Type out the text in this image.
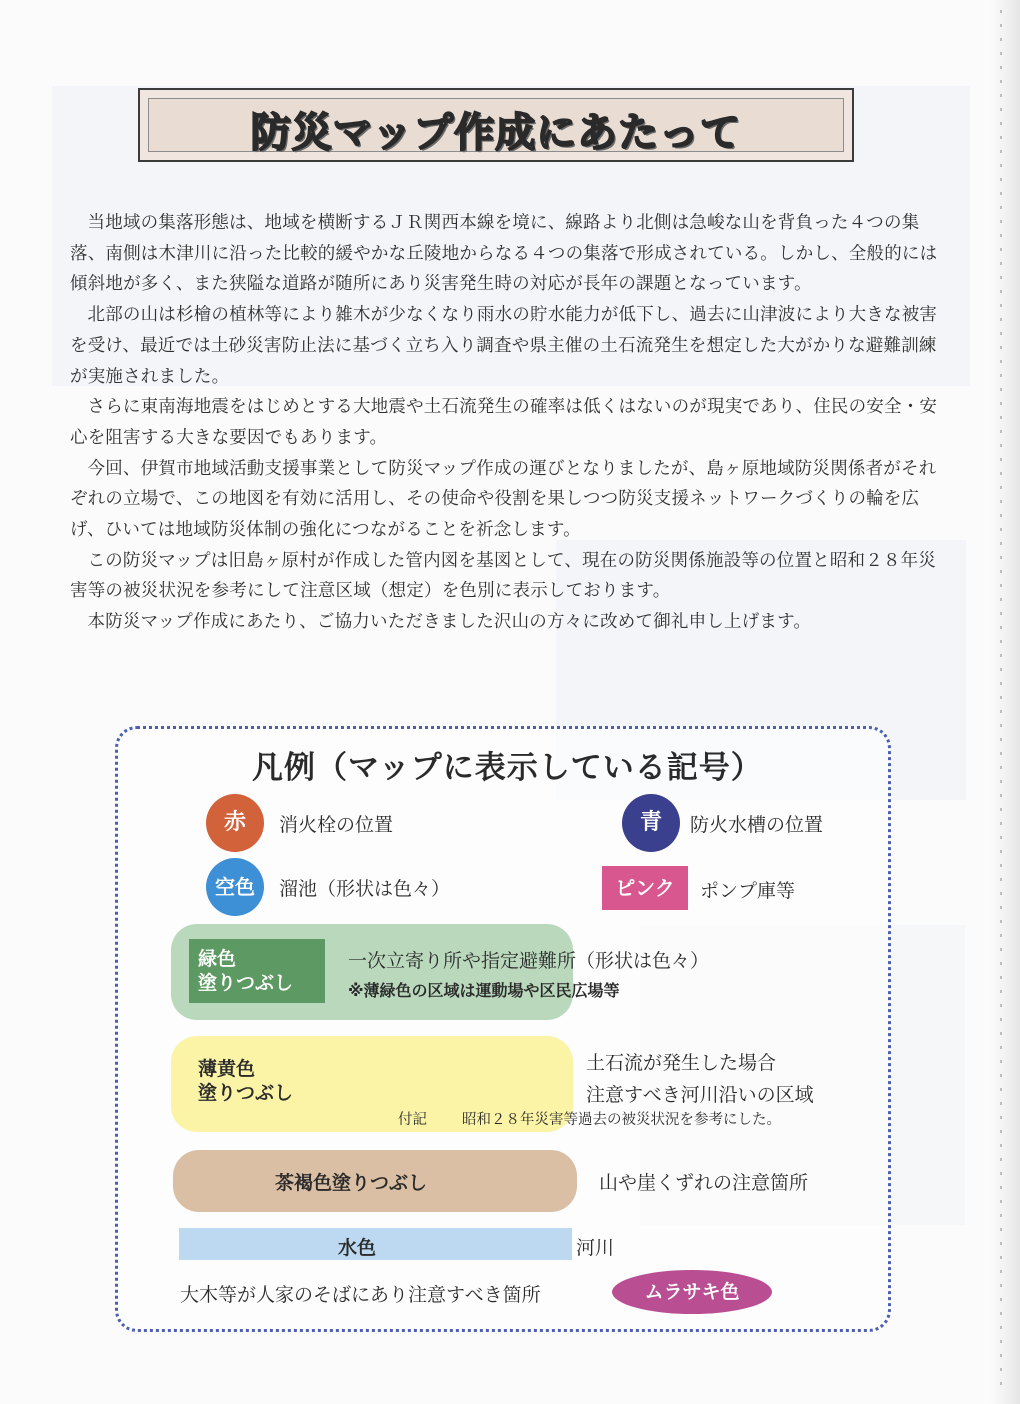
防災マップ作成にあたって

当地域の集落形態は、地域を横断するＪＲ関西本線を境に、線路より北側は急峻な山を背負った４つの集落、南側は木津川に沿った比較的緩やかな丘陵地からなる４つの集落で形成されている。しかし、全般的には傾斜地が多く、また狭隘な道路が随所にあり災害発生時の対応が長年の課題となっています。

北部の山は杉檜の植林等により雑木が少なくなり雨水の貯水能力が低下し、過去に山津波により大きな被害を受け、最近では土砂災害防止法に基づく立ち入り調査や県主催の土石流発生を想定した大がかりな避難訓練が実施されました。

さらに東南海地震をはじめとする大地震や土石流発生の確率は低くはないのが現実であり、住民の安全・安心を阻害する大きな要因でもあります。

今回、伊賀市地域活動支援事業として防災マップ作成の運びとなりましたが、島ヶ原地域防災関係者がそれぞれの立場で、この地図を有効に活用し、その使命や役割を果しつつ防災支援ネットワークづくりの輪を広げ、ひいては地域防災体制の強化につながることを祈念します。

この防災マップは旧島ヶ原村が作成した管内図を基図として、現在の防災関係施設等の位置と昭和２８年災害等の被災状況を参考にして注意区域（想定）を色別に表示しております。

本防災マップ作成にあたり、ご協力いただきました沢山の方々に改めて御礼申し上げます。

凡例（マップに表示している記号）
赤	消火栓の位置	青	防火水槽の位置
空色	溜池（形状は色々）	ピンク	ポンプ庫等
緑色
塗りつぶし
一次立寄り所や指定避難所（形状は色々）
※薄緑色の区域は運動場や区民広場等
薄黄色
塗りつぶし
土石流が発生した場合
注意すべき河川沿いの区域
付記 昭和２８年災害等過去の被災状況を参考にした。
茶褐色塗りつぶし	山や崖くずれの注意箇所
水色	河川
大木等が人家のそばにあり注意すべき箇所	ムラサキ色
